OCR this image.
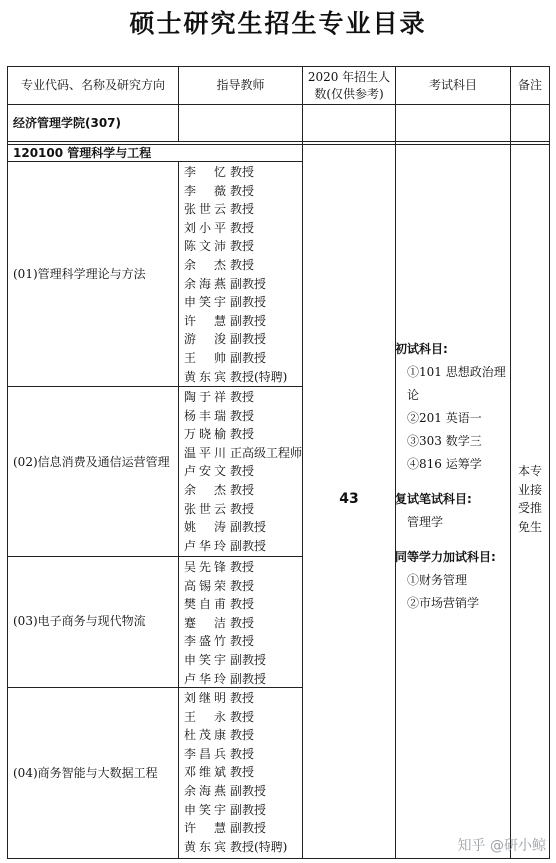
硕士研究生招生专业目录
专业代码、名称及研究方向	指导教师
2020 年招生人数(仅供参考)
考试科目	备注
经济管理学院(307)
120100 管理科学与工程
(01)管理科学理论与方法
(02)信息消费及通信运营管理
(03)电子商务与现代物流
(04)商务智能与大数据工程
李忆 教授
李薇 教授
张世云 教授
刘小平 教授
陈文沛 教授
余杰 教授
余海燕 副教授
申笑宇 副教授
许慧 副教授
游浚 副教授
王帅 副教授
黄东宾 教授(特聘)
陶于祥 教授
杨丰瑞 教授
万晓榆 教授
温平川 正高级工程师
卢安文 教授
余杰 教授
张世云 教授
姚涛 副教授
卢华玲 副教授
吴先锋 教授
高锡荣 教授
樊自甫 教授
蹇洁 教授
李盛竹 教授
申笑宇 副教授
卢华玲 副教授
刘继明 教授
王永 教授
杜茂康 教授
李昌兵 教授
邓维斌 教授
余海燕 副教授
申笑宇 副教授
许慧 副教授
黄东宾 教授(特聘)
43
本专业接受推免生
初试科目:
①101 思想政治理论
②201 英语一
③303 数学三
④816 运筹学
复试笔试科目:
管理学
同等学力加试科目:
①财务管理
②市场营销学
知乎 @研小鲸
